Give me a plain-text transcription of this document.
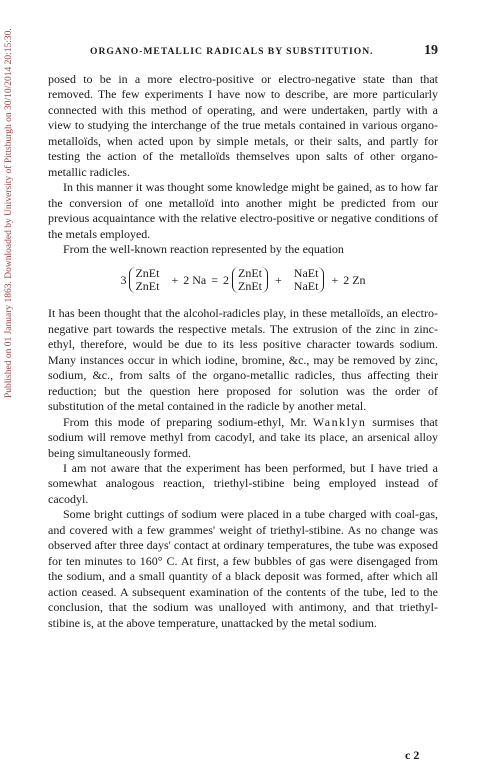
ORGANO-METALLIC RADICALS BY SUBSTITUTION.	19
Published on 01 January 1863. Downloaded by University of Pittsburgh on 30/10/2014 20:15:30.	posed to be in a more electro-positive or electro-negative state than that removed. The few experiments I have now to describe, are more particularly connected with this method of operating, and were undertaken, partly with a view to studying the interchange of the true metals contained in various organo-metalloïds, when acted upon by simple metals, or their salts, and partly for testing the action of the metalloïds themselves upon salts of other organo-metallic radicles.

In this manner it was thought some knowledge might be gained, as to how far the conversion of one metalloïd into another might be predicted from our previous acquaintance with the relative electro-positive or negative conditions of the metals employed.

From the well-known reaction represented by the equation

3 ZnEt
ZnEt + 2 Na = 2 ZnEt
ZnEt + NaEt
NaEt + 2 Zn

It has been thought that the alcohol-radicles play, in these metalloïds, an electro-negative part towards the respective metals. The extrusion of the zinc in zinc-ethyl, therefore, would be due to its less positive character towards sodium. Many instances occur in which iodine, bromine, &c., may be removed by zinc, sodium, &c., from salts of the organo-metallic radicles, thus affecting their reduction; but the question here proposed for solution was the order of substitution of the metal contained in the radicle by another metal.

From this mode of preparing sodium-ethyl, Mr. Wanklyn surmises that sodium will remove methyl from cacodyl, and take its place, an arsenical alloy being simultaneously formed.

I am not aware that the experiment has been performed, but I have tried a somewhat analogous reaction, triethyl-stibine being employed instead of cacodyl.

Some bright cuttings of sodium were placed in a tube charged with coal-gas, and covered with a few grammes' weight of triethyl-stibine. As no change was observed after three days' contact at ordinary temperatures, the tube was exposed for ten minutes to 160° C. At first, a few bubbles of gas were disengaged from the sodium, and a small quantity of a black deposit was formed, after which all action ceased. A subsequent examination of the contents of the tube, led to the conclusion, that the sodium was unalloyed with antimony, and that triethyl-stibine is, at the above temperature, unattacked by the metal sodium.

c 2
